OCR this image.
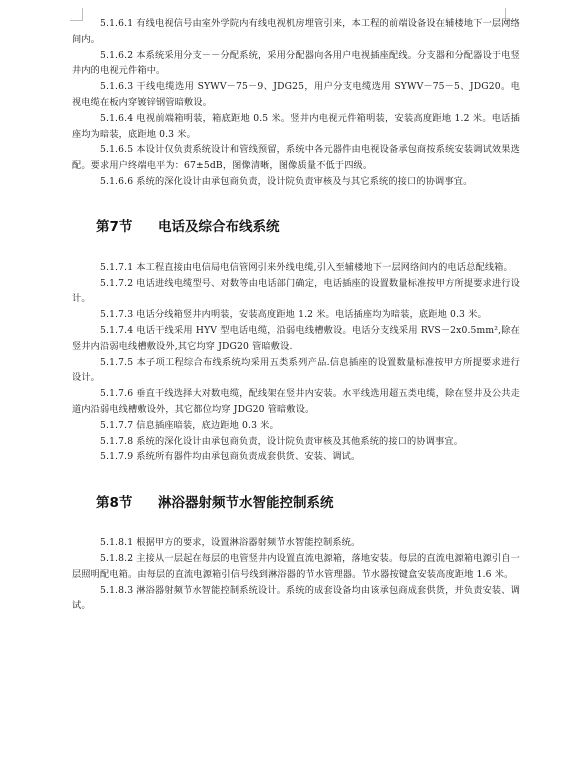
5.1.6.1 有线电视信号由室外学院内有线电视机房埋管引来，本工程的前端设备设在辅楼地下一层网络间内。

5.1.6.2 本系统采用分支－－分配系统，采用分配器向各用户电视插座配线。分支器和分配器设于电竖井内的电视元件箱中。

5.1.6.3 干线电缆选用 SYWV－75－9、JDG25，用户分支电缆选用 SYWV－75－5、JDG20。电视电缆在板内穿镀锌钢管暗敷设。

5.1.6.4 电视前端箱明装，箱底距地 0.5 米。竖井内电视元件箱明装，安装高度距地 1.2 米。电话插座均为暗装，底距地 0.3 米。

5.1.6.5 本设计仅负责系统设计和管线预留，系统中各元器件由电视设备承包商按系统安装调试效果选配。要求用户终端电平为：67±5dB，图像清晰，图像质量不低于四级。

5.1.6.6 系统的深化设计由承包商负责，设计院负责审核及与其它系统的接口的协调事宜。

第7节 电话及综合布线系统

5.1.7.1 本工程直接由电信局电信管网引来外线电缆,引入至辅楼地下一层网络间内的电话总配线箱。

5.1.7.2 电话进线电缆型号、对数等由电话部门确定，电话插座的设置数量标准按甲方所提要求进行设计。

5.1.7.3 电话分线箱竖井内明装，安装高度距地 1.2 米。电话插座均为暗装，底距地 0.3 米。

5.1.7.4 电话干线采用 HYV 型电话电缆，沿弱电线槽敷设。电话分支线采用 RVS－2x0.5mm²,除在竖井内沿弱电线槽敷设外,其它均穿 JDG20 管暗敷设.

5.1.7.5 本子项工程综合布线系统均采用五类系列产品.信息插座的设置数量标准按甲方所提要求进行设计。

5.1.7.6 垂直干线选择大对数电缆，配线架在竖井内安装。水平线选用超五类电缆，除在竖井及公共走道内沿弱电线槽敷设外，其它都位均穿 JDG20 管暗敷设。

5.1.7.7 信息插座暗装，底边距地 0.3 米。

5.1.7.8 系统的深化设计由承包商负责，设计院负责审核及其他系统的接口的协调事宜。

5.1.7.9 系统所有器件均由承包商负责成套供货、安装、调试。

第8节 淋浴器射频节水智能控制系统

5.1.8.1 根据甲方的要求，设置淋浴器射频节水智能控制系统。

5.1.8.2 主接从一层起在每层的电管竖井内设置直流电源箱，落地安装。每层的直流电源箱电源引自一层照明配电箱。由每层的直流电源箱引信号线到淋浴器的节水管理器。节水器按键盒安装高度距地 1.6 米。

5.1.8.3 淋浴器射频节水智能控制系统设计。系统的成套设备均由该承包商成套供货，并负责安装、调试。
